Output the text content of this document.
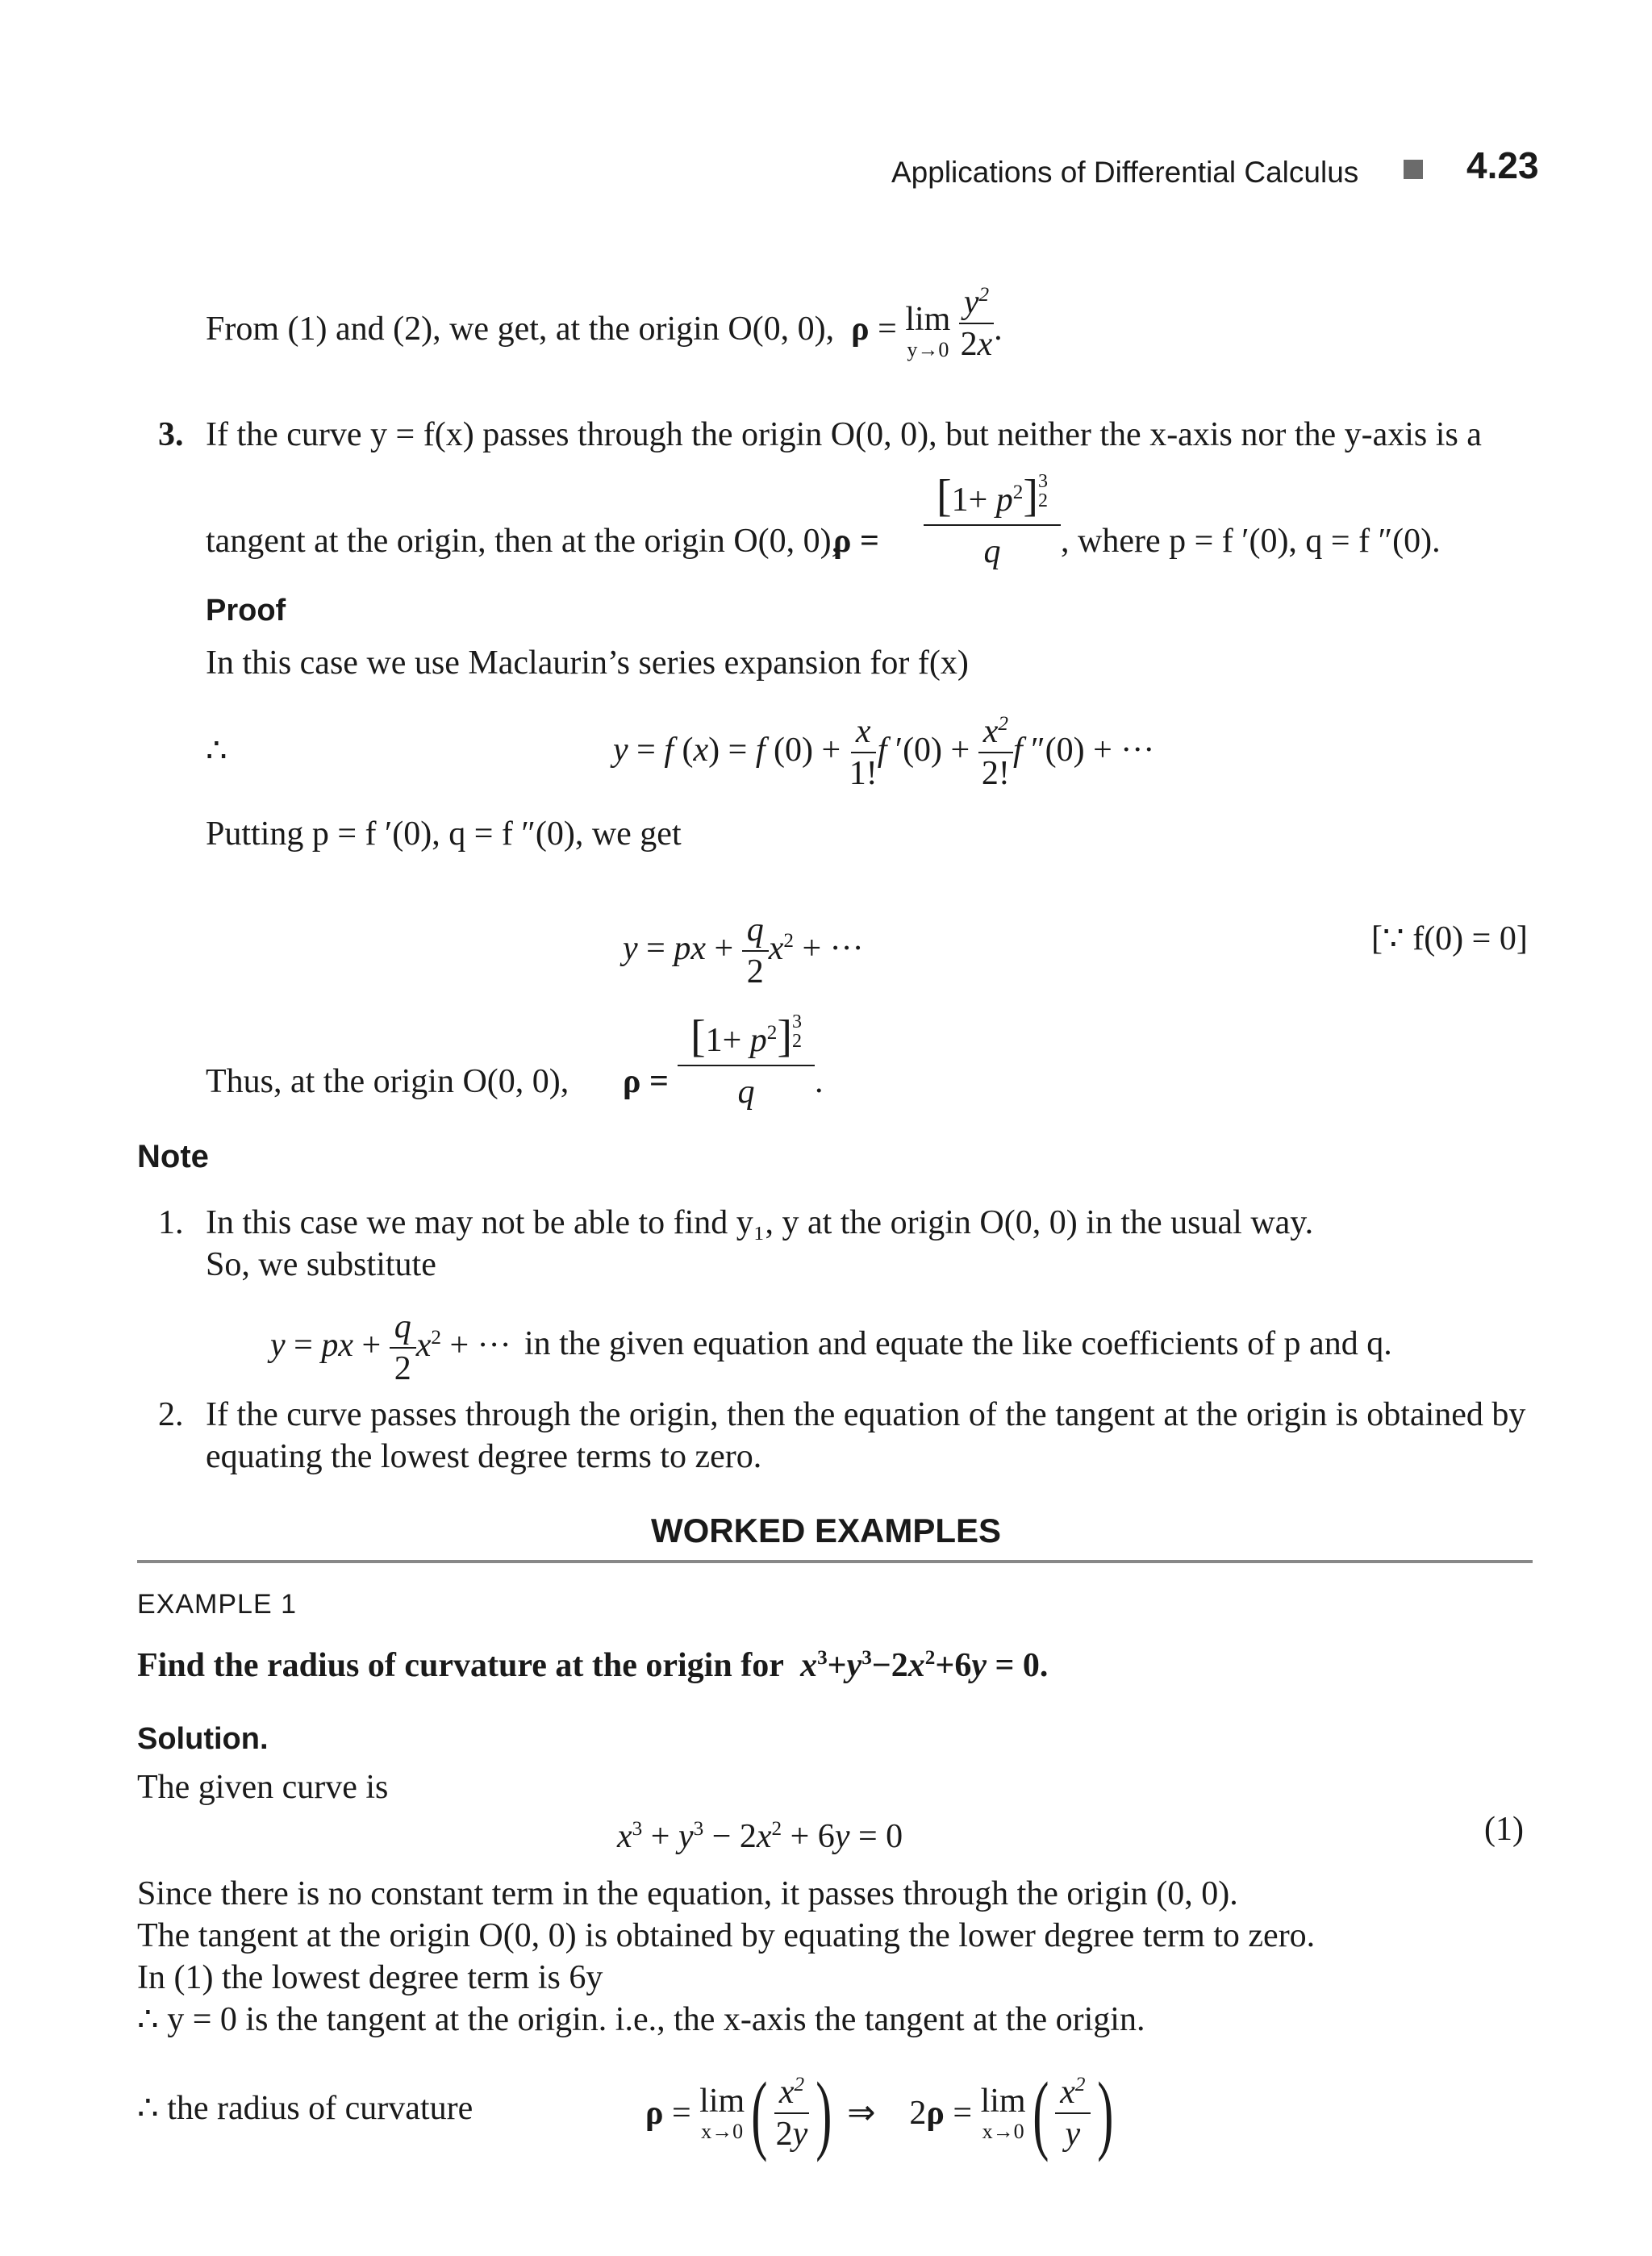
Applications of Differential Calculus	4.23
From (1) and (2), we get, at the origin O(0, 0),  ρ = lim
y→0
$\frac{y^2}{2x}$ .
3. If the curve y = f(x) passes through the origin O(0, 0), but neither the x-axis nor the y-axis is a
tangent at the origin, then at the origin O(0, 0),
ρ =
$[1+ p^2]3$
2
q	, where p = f ′(0), q = f ″(0).
Proof
In this case we use Maclaurin’s series expansion for f(x)
∴	y = f (x) = f $(0) + \frac{x}{1!}$ f $'(0) + \frac{x^2}{2!}$ f ″(0) + ···
Putting p = f ′(0), q = f ″(0), we get
y = px + $\frac{q}{2} x^2$ + ···	[∵ f(0) = 0]
Thus, at the origin O(0, 0), ρ =
$[1+ p^2]3$
2
q	.
Note
1. In this case we may not be able to find y₁, y at the origin O(0, 0) in the usual way.
So, we substitute
y = px + $\frac{q}{2} x^2$ + ··· in the given equation and equate the like coefficients of p and q.
2. If the curve passes through the origin, then the equation of the tangent at the origin is obtained by
equating the lowest degree terms to zero.
WORKED EXAMPLES
EXAMPLE 1
Find the radius of curvature at the origin for  $x^3+y^3-2x^2+6y = 0$.
Solution.
The given curve is
$x^3 + y^3 - 2x^2 + 6y = 0$	(1)
Since there is no constant term in the equation, it passes through the origin (0, 0).
The tangent at the origin O(0, 0) is obtained by equating the lower degree term to zero.
In (1) the lowest degree term is 6y
∴ y = 0 is the tangent at the origin. i.e., the x-axis the tangent at the origin.
∴ the radius of curvature	ρ = lim
x→0 ( $\frac{x^2}{2y}$ ) ⇒    2 ρ = lim
x→0 ( $\frac{x^2}{y}$ )
